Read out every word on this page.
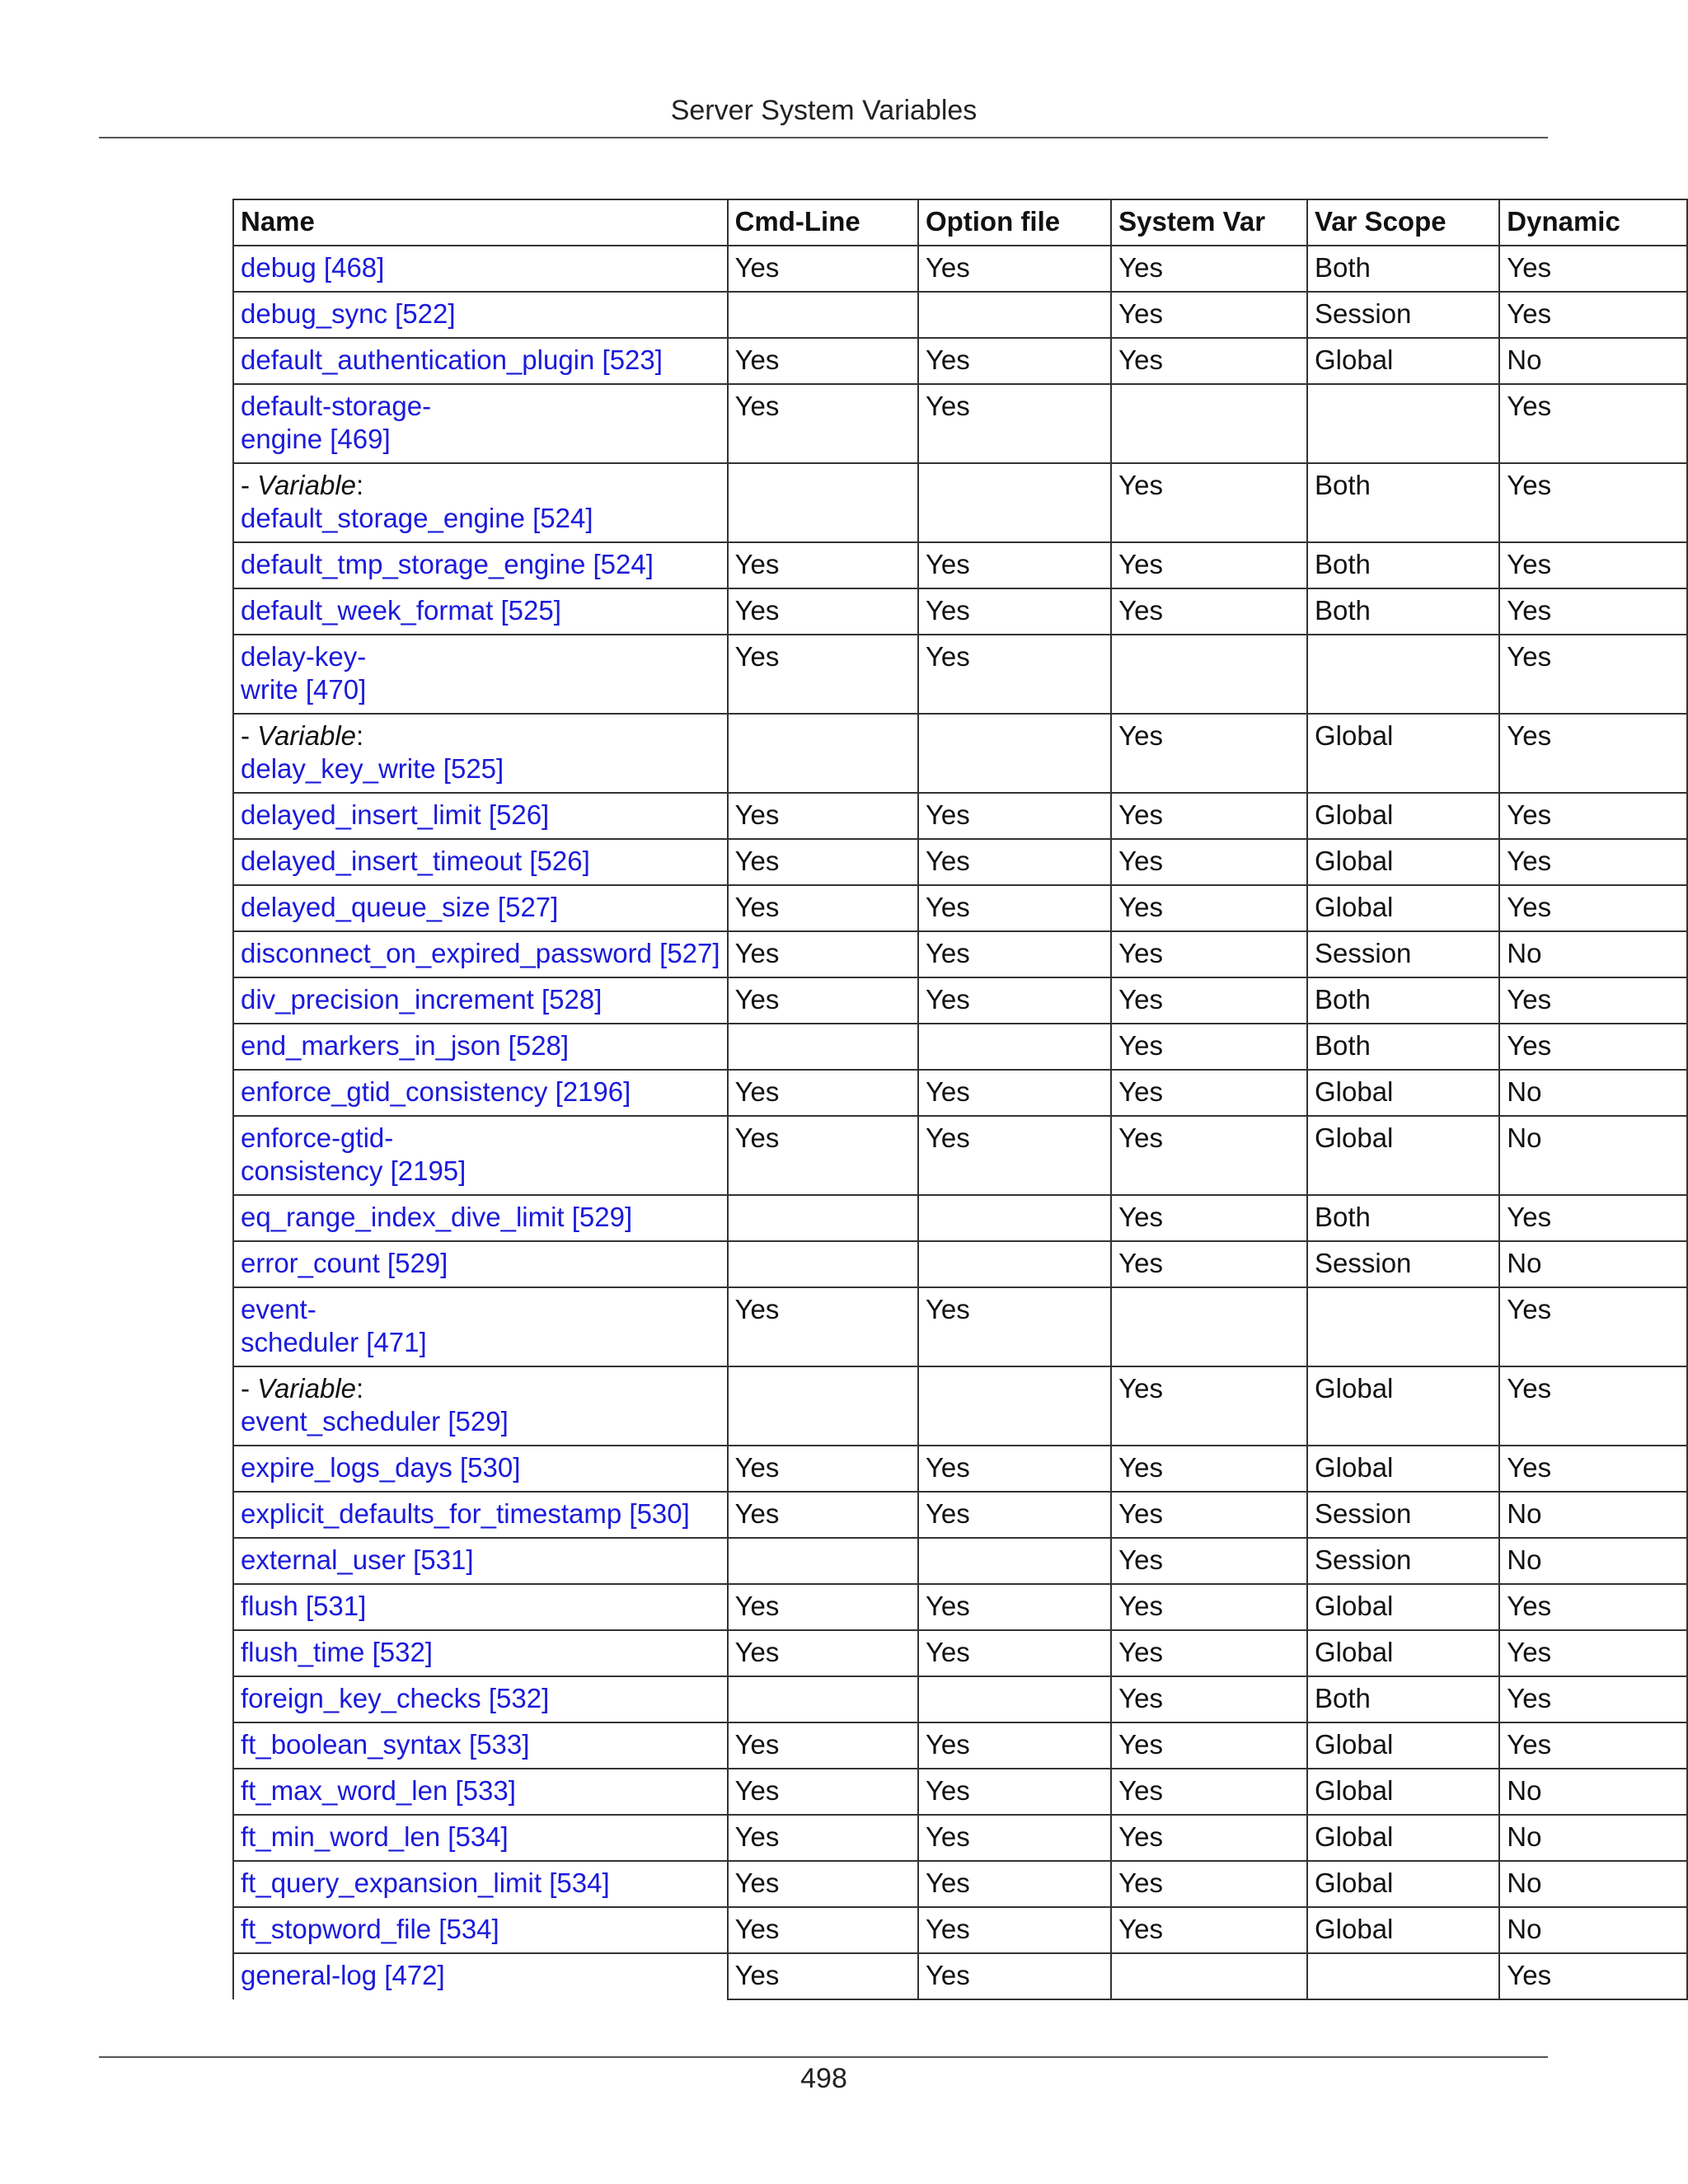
Server System Variables
Name	Cmd-Line	Option file	System Var	Var Scope	Dynamic
debug [468]	Yes	Yes	Yes	Both	Yes
debug_sync [522]			Yes	Session	Yes
default_authentication_plugin [523]	Yes	Yes	Yes	Global	No
default-storage-
engine [469]	Yes	Yes			Yes
- Variable:
default_storage_engine [524]			Yes	Both	Yes
default_tmp_storage_engine [524]	Yes	Yes	Yes	Both	Yes
default_week_format [525]	Yes	Yes	Yes	Both	Yes
delay-key-
write [470]	Yes	Yes			Yes
- Variable:
delay_key_write [525]			Yes	Global	Yes
delayed_insert_limit [526]	Yes	Yes	Yes	Global	Yes
delayed_insert_timeout [526]	Yes	Yes	Yes	Global	Yes
delayed_queue_size [527]	Yes	Yes	Yes	Global	Yes
disconnect_on_expired_password [527]	Yes	Yes	Yes	Session	No
div_precision_increment [528]	Yes	Yes	Yes	Both	Yes
end_markers_in_json [528]			Yes	Both	Yes
enforce_gtid_consistency [2196]	Yes	Yes	Yes	Global	No
enforce-gtid-
consistency [2195]	Yes	Yes	Yes	Global	No
eq_range_index_dive_limit [529]			Yes	Both	Yes
error_count [529]			Yes	Session	No
event-
scheduler [471]	Yes	Yes			Yes
- Variable:
event_scheduler [529]			Yes	Global	Yes
expire_logs_days [530]	Yes	Yes	Yes	Global	Yes
explicit_defaults_for_timestamp [530]	Yes	Yes	Yes	Session	No
external_user [531]			Yes	Session	No
flush [531]	Yes	Yes	Yes	Global	Yes
flush_time [532]	Yes	Yes	Yes	Global	Yes
foreign_key_checks [532]			Yes	Both	Yes
ft_boolean_syntax [533]	Yes	Yes	Yes	Global	Yes
ft_max_word_len [533]	Yes	Yes	Yes	Global	No
ft_min_word_len [534]	Yes	Yes	Yes	Global	No
ft_query_expansion_limit [534]	Yes	Yes	Yes	Global	No
ft_stopword_file [534]	Yes	Yes	Yes	Global	No
general-log [472]	Yes	Yes			Yes
498
